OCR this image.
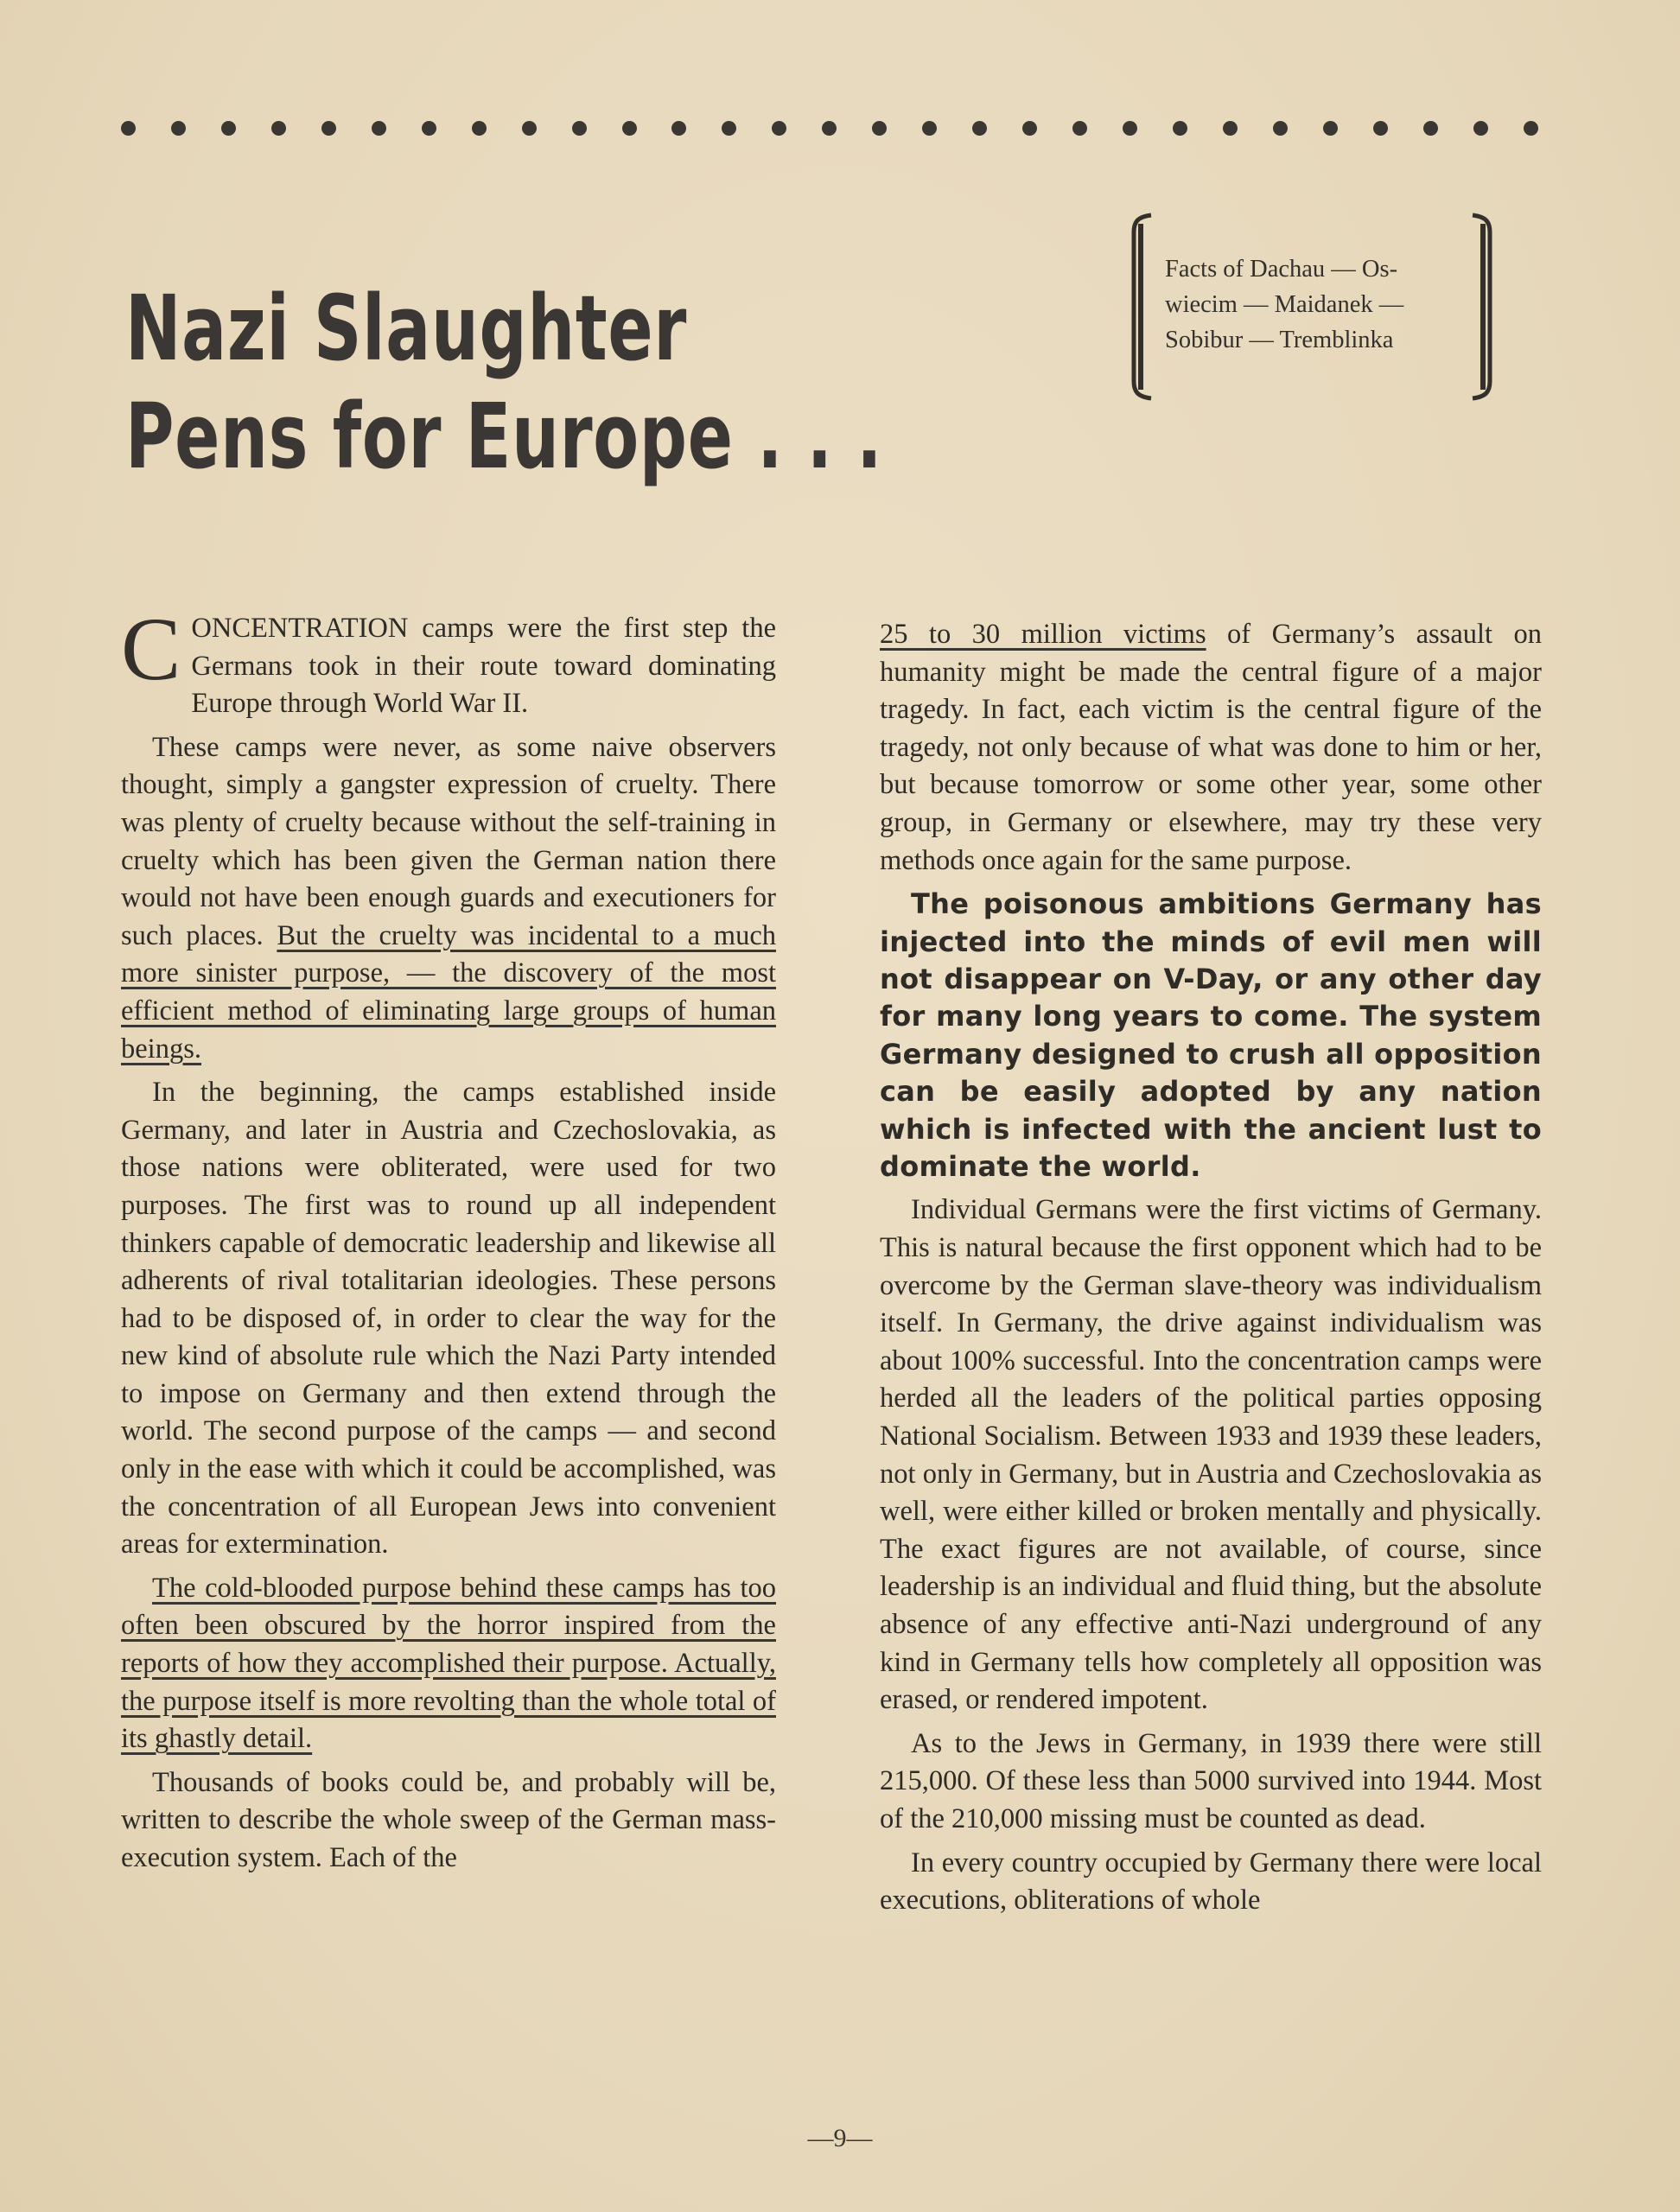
Nazi Slaughter
Pens for Europe . . .
Facts of Dachau — Os-
wiecim — Maidanek —
Sobibur — Tremblinka

CONCENTRATION camps were the first step the Germans took in their route toward dominating Europe through World War II.

These camps were never, as some naive observers thought, simply a gangster expression of cruelty. There was plenty of cruelty because without the self-training in cruelty which has been given the German nation there would not have been enough guards and executioners for such places. But the cruelty was incidental to a much more sinister purpose, — the discovery of the most efficient method of eliminating large groups of human beings.

In the beginning, the camps established inside Germany, and later in Austria and Czechoslovakia, as those nations were obliterated, were used for two purposes. The first was to round up all independent thinkers capable of democratic leadership and likewise all adherents of rival totalitarian ideologies. These persons had to be disposed of, in order to clear the way for the new kind of absolute rule which the Nazi Party intended to impose on Germany and then extend through the world. The second purpose of the camps — and second only in the ease with which it could be accomplished, was the concentration of all European Jews into convenient areas for extermination.

The cold-blooded purpose behind these camps has too often been obscured by the horror inspired from the reports of how they accomplished their purpose. Actually, the purpose itself is more revolting than the whole total of its ghastly detail.

Thousands of books could be, and probably will be, written to describe the whole sweep of the German mass-execution system. Each of the

25 to 30 million victims of Germany’s assault on humanity might be made the central figure of a major tragedy. In fact, each victim is the central figure of the tragedy, not only because of what was done to him or her, but because tomorrow or some other year, some other group, in Germany or elsewhere, may try these very methods once again for the same purpose.

The poisonous ambitions Germany has injected into the minds of evil men will not disappear on V-Day, or any other day for many long years to come. The system Germany designed to crush all opposition can be easily adopted by any nation which is infected with the ancient lust to dominate the world.

Individual Germans were the first victims of Germany. This is natural because the first opponent which had to be overcome by the German slave-theory was individualism itself. In Germany, the drive against individualism was about 100% successful. Into the concentration camps were herded all the leaders of the political parties opposing National Socialism. Between 1933 and 1939 these leaders, not only in Germany, but in Austria and Czechoslovakia as well, were either killed or broken mentally and physically. The exact figures are not available, of course, since leadership is an individual and fluid thing, but the absolute absence of any effective anti-Nazi underground of any kind in Germany tells how completely all opposition was erased, or rendered impotent.

As to the Jews in Germany, in 1939 there were still 215,000. Of these less than 5000 survived into 1944. Most of the 210,000 missing must be counted as dead.

In every country occupied by Germany there were local executions, obliterations of whole

—9—
